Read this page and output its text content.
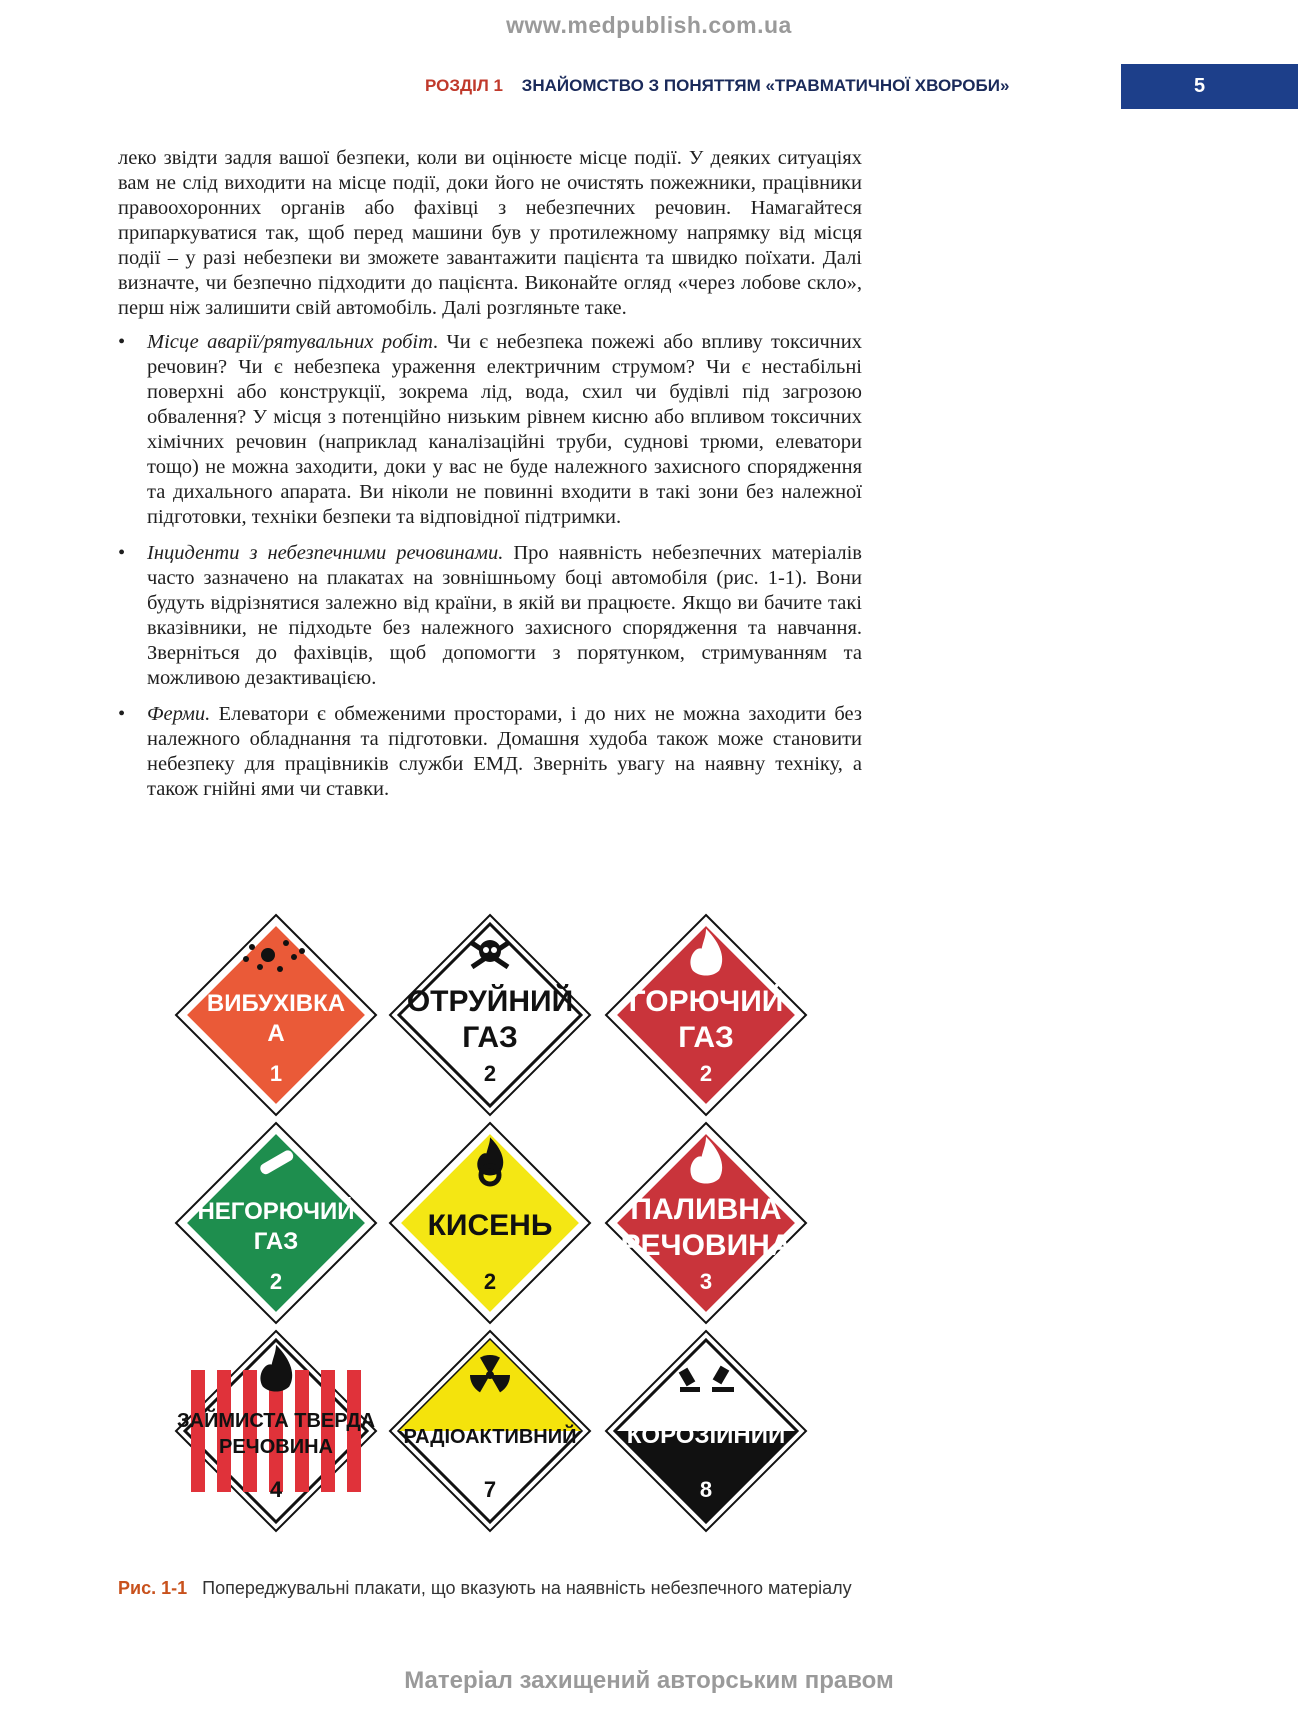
www.medpublish.com.ua
РОЗДІЛ 1 ЗНАЙОМСТВО З ПОНЯТТЯМ «ТРАВМАТИЧНОЇ ХВОРОБИ»	5

леко звідти задля вашої безпеки, коли ви оцінюєте місце події. У деяких ситуаціях вам не слід виходити на місце події, доки його не очистять пожежники, працівники правоохоронних органів або фахівці з небезпечних речовин. Намагайтеся припаркуватися так, щоб перед машини був у протилежному напрямку від місця події – у разі небезпеки ви зможете завантажити пацієнта та швидко поїхати. Далі визначте, чи безпечно підходити до пацієнта. Виконайте огляд «через лобове скло», перш ніж залишити свій автомобіль. Далі розгляньте таке.

• Місце аварії/рятувальних робіт. Чи є небезпека пожежі або впливу токсичних речовин? Чи є небезпека ураження електричним струмом? Чи є нестабільні поверхні або конструкції, зокрема лід, вода, схил чи будівлі під загрозою обвалення? У місця з потенційно низьким рівнем кисню або впливом токсичних хімічних речовин (наприклад каналізаційні труби, суднові трюми, елеватори тощо) не можна заходити, доки у вас не буде належного захисного спорядження та дихального апарата. Ви ніколи не повинні входити в такі зони без належної підготовки, техніки безпеки та відповідної підтримки.
• Інциденти з небезпечними речовинами. Про наявність небезпечних матеріалів часто зазначено на плакатах на зовнішньому боці автомобіля (рис. 1-1). Вони будуть відрізнятися залежно від країни, в якій ви працюєте. Якщо ви бачите такі вказівники, не підходьте без належного захисного спорядження та навчання. Зверніться до фахівців, щоб допомогти з порятунком, стримуванням та можливою дезактивацією.
• Ферми. Елеватори є обмеженими просторами, і до них не можна заходити без належного обладнання та підготовки. Домашня худоба також може становити небезпеку для працівників служби ЕМД. Зверніть увагу на наявну техніку, а також гнійні ями чи ставки.
ВИБУХІВКА
А
1
ОТРУЙНИЙ
ГАЗ
2
ГОРЮЧИЙ
ГАЗ
2
НЕГОРЮЧИЙ
ГАЗ
2
КИСЕНЬ
2
ПАЛИВНА
РЕЧОВИНА
3
ЗАЙМИСТА ТВЕРДА
РЕЧОВИНА
4
РАДІОАКТИВНИЙ
7
КОРОЗІЙНИЙ
8
Рис. 1-1 Попереджувальні плакати, що вказують на наявність небезпечного матеріалу
Матеріал захищений авторським правом
